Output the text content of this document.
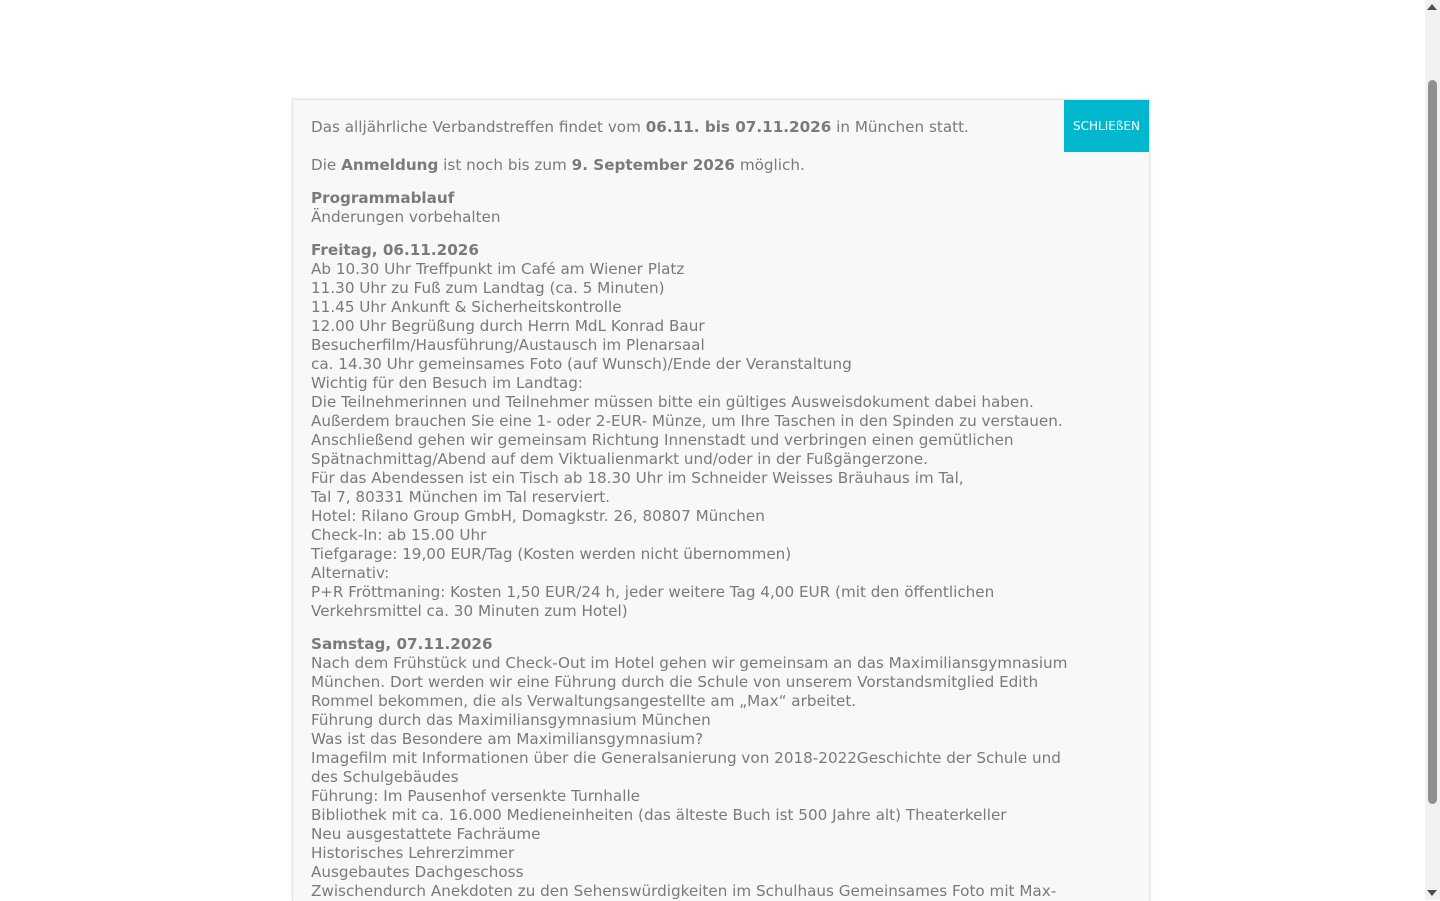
Das alljährliche Verbandstreffen findet vom 06.11. bis 07.11.2026 in München statt.

Die Anmeldung ist noch bis zum 9. September 2026 möglich.

Programmablauf
Änderungen vorbehalten

Freitag, 06.11.2026
Ab 10.30 Uhr Treffpunkt im Café am Wiener Platz
11.30 Uhr zu Fuß zum Landtag (ca. 5 Minuten)
11.45 Uhr Ankunft & Sicherheitskontrolle
12.00 Uhr Begrüßung durch Herrn MdL Konrad Baur
Besucherfilm/Hausführung/Austausch im Plenarsaal
ca. 14.30 Uhr gemeinsames Foto (auf Wunsch)/Ende der Veranstaltung
Wichtig für den Besuch im Landtag:
Die Teilnehmerinnen und Teilnehmer müssen bitte ein gültiges Ausweisdokument dabei haben.
Außerdem brauchen Sie eine 1- oder 2-EUR- Münze, um Ihre Taschen in den Spinden zu verstauen.
Anschließend gehen wir gemeinsam Richtung Innenstadt und verbringen einen gemütlichen
Spätnachmittag/Abend auf dem Viktualienmarkt und/oder in der Fußgängerzone.
Für das Abendessen ist ein Tisch ab 18.30 Uhr im Schneider Weisses Bräuhaus im Tal,
Tal 7, 80331 München im Tal reserviert.
Hotel: Rilano Group GmbH, Domagkstr. 26, 80807 München
Check-In: ab 15.00 Uhr
Tiefgarage: 19,00 EUR/Tag (Kosten werden nicht übernommen)
Alternativ:
P+R Fröttmaning: Kosten 1,50 EUR/24 h, jeder weitere Tag 4,00 EUR (mit den öffentlichen
Verkehrsmittel ca. 30 Minuten zum Hotel)

Samstag, 07.11.2026
Nach dem Frühstück und Check-Out im Hotel gehen wir gemeinsam an das Maximiliansgymnasium
München. Dort werden wir eine Führung durch die Schule von unserem Vorstandsmitglied Edith
Rommel bekommen, die als Verwaltungsangestellte am „Max“ arbeitet.
Führung durch das Maximiliansgymnasium München
Was ist das Besondere am Maximiliansgymnasium?
Imagefilm mit Informationen über die Generalsanierung von 2018-2022Geschichte der Schule und
des Schulgebäudes
Führung: Im Pausenhof versenkte Turnhalle
Bibliothek mit ca. 16.000 Medieneinheiten (das älteste Buch ist 500 Jahre alt) Theaterkeller
Neu ausgestattete Fachräume
Historisches Lehrerzimmer
Ausgebautes Dachgeschoss
Zwischendurch Anekdoten zu den Sehenswürdigkeiten im Schulhaus Gemeinsames Foto mit Max-

SCHLIEßEN
